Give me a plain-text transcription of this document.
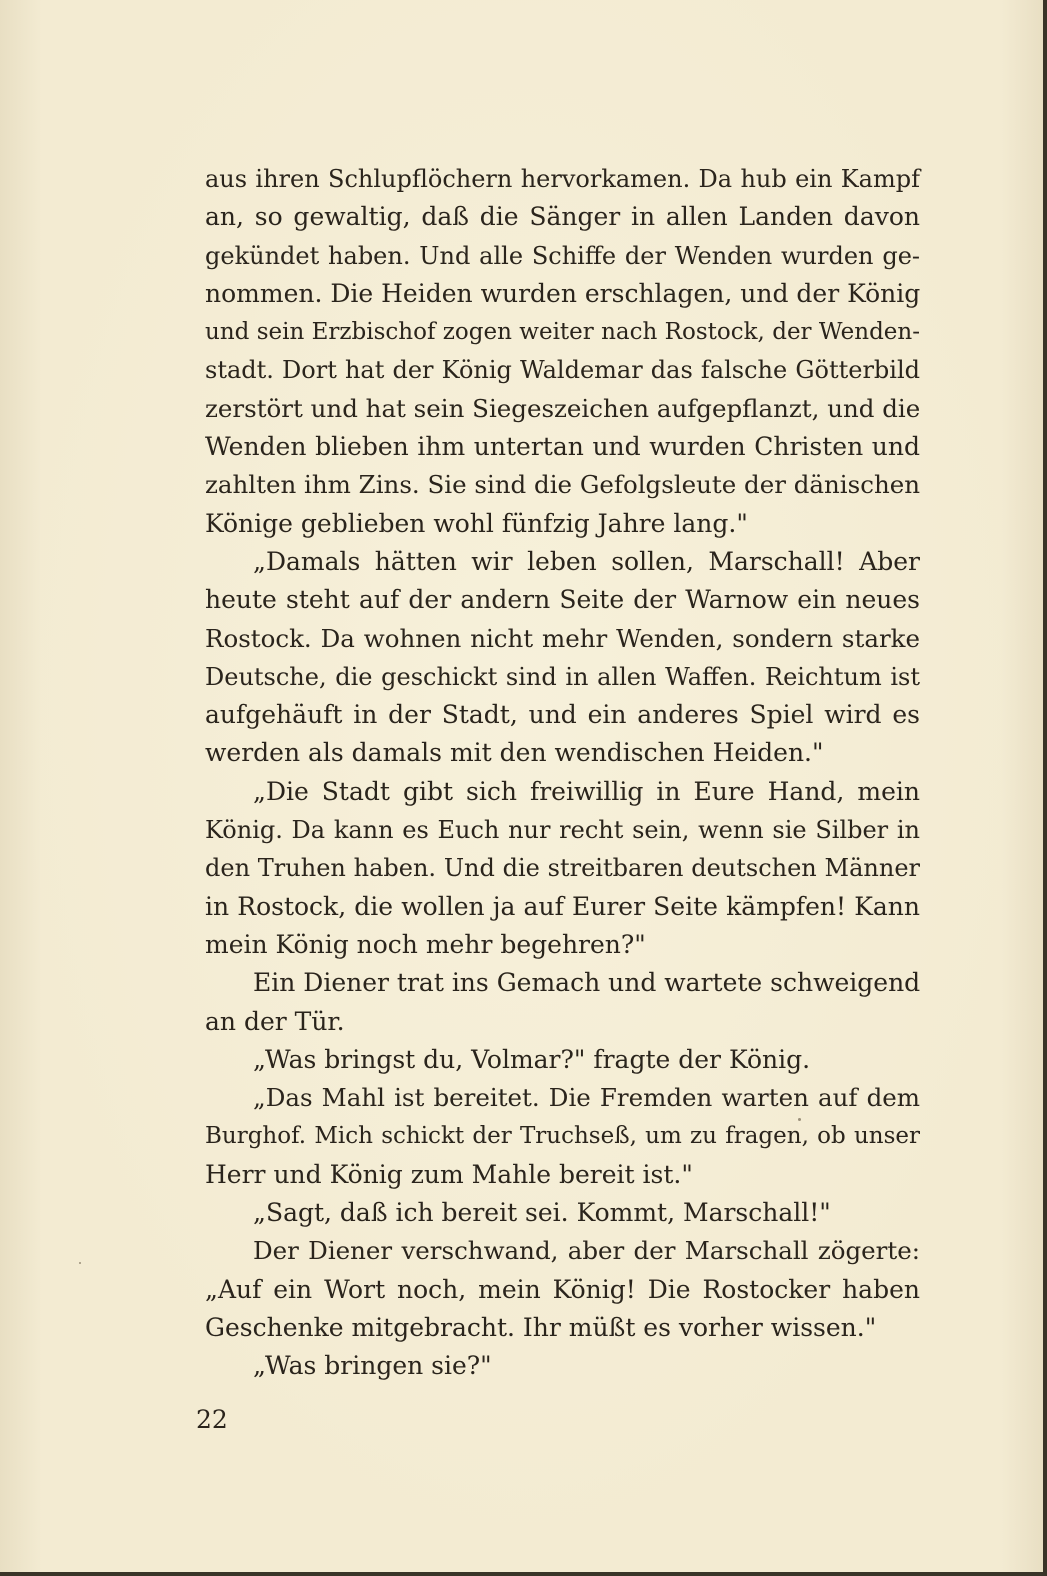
aus ihren Schlupflöchern hervorkamen. Da hub ein Kampf
an, so gewaltig, daß die Sänger in allen Landen davon
gekündet haben. Und alle Schiffe der Wenden wurden ge-
nommen. Die Heiden wurden erschlagen, und der König
und sein Erzbischof zogen weiter nach Rostock, der Wenden-
stadt. Dort hat der König Waldemar das falsche Götterbild
zerstört und hat sein Siegeszeichen aufgepflanzt, und die
Wenden blieben ihm untertan und wurden Christen und
zahlten ihm Zins. Sie sind die Gefolgsleute der dänischen
Könige geblieben wohl fünfzig Jahre lang."
„Damals hätten wir leben sollen, Marschall! Aber
heute steht auf der andern Seite der Warnow ein neues
Rostock. Da wohnen nicht mehr Wenden, sondern starke
Deutsche, die geschickt sind in allen Waffen. Reichtum ist
aufgehäuft in der Stadt, und ein anderes Spiel wird es
werden als damals mit den wendischen Heiden."
„Die Stadt gibt sich freiwillig in Eure Hand, mein
König. Da kann es Euch nur recht sein, wenn sie Silber in
den Truhen haben. Und die streitbaren deutschen Männer
in Rostock, die wollen ja auf Eurer Seite kämpfen! Kann
mein König noch mehr begehren?"
Ein Diener trat ins Gemach und wartete schweigend
an der Tür.
„Was bringst du, Volmar?" fragte der König.
„Das Mahl ist bereitet. Die Fremden warten auf dem
Burghof. Mich schickt der Truchseß, um zu fragen, ob unser
Herr und König zum Mahle bereit ist."
„Sagt, daß ich bereit sei. Kommt, Marschall!"
Der Diener verschwand, aber der Marschall zögerte:
„Auf ein Wort noch, mein König! Die Rostocker haben
Geschenke mitgebracht. Ihr müßt es vorher wissen."
„Was bringen sie?"
22
